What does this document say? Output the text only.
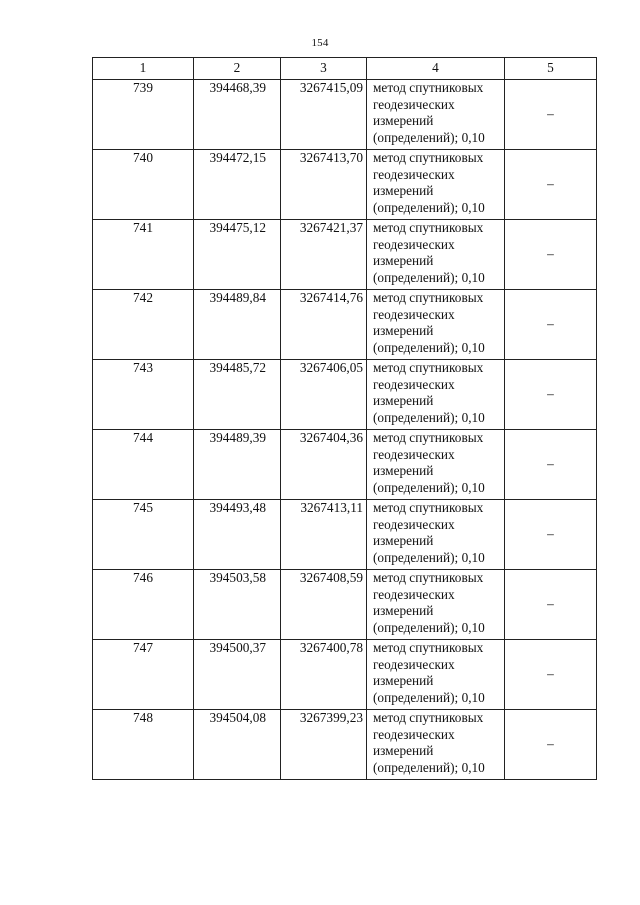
154
1	2	3	4	5
739	394468,39	3267415,09	метод спутниковых
геодезических
измерений
(определений); 0,10	–
740	394472,15	3267413,70	метод спутниковых
геодезических
измерений
(определений); 0,10	–
741	394475,12	3267421,37	метод спутниковых
геодезических
измерений
(определений); 0,10	–
742	394489,84	3267414,76	метод спутниковых
геодезических
измерений
(определений); 0,10	–
743	394485,72	3267406,05	метод спутниковых
геодезических
измерений
(определений); 0,10	–
744	394489,39	3267404,36	метод спутниковых
геодезических
измерений
(определений); 0,10	–
745	394493,48	3267413,11	метод спутниковых
геодезических
измерений
(определений); 0,10	–
746	394503,58	3267408,59	метод спутниковых
геодезических
измерений
(определений); 0,10	–
747	394500,37	3267400,78	метод спутниковых
геодезических
измерений
(определений); 0,10	–
748	394504,08	3267399,23	метод спутниковых
геодезических
измерений
(определений); 0,10	–
